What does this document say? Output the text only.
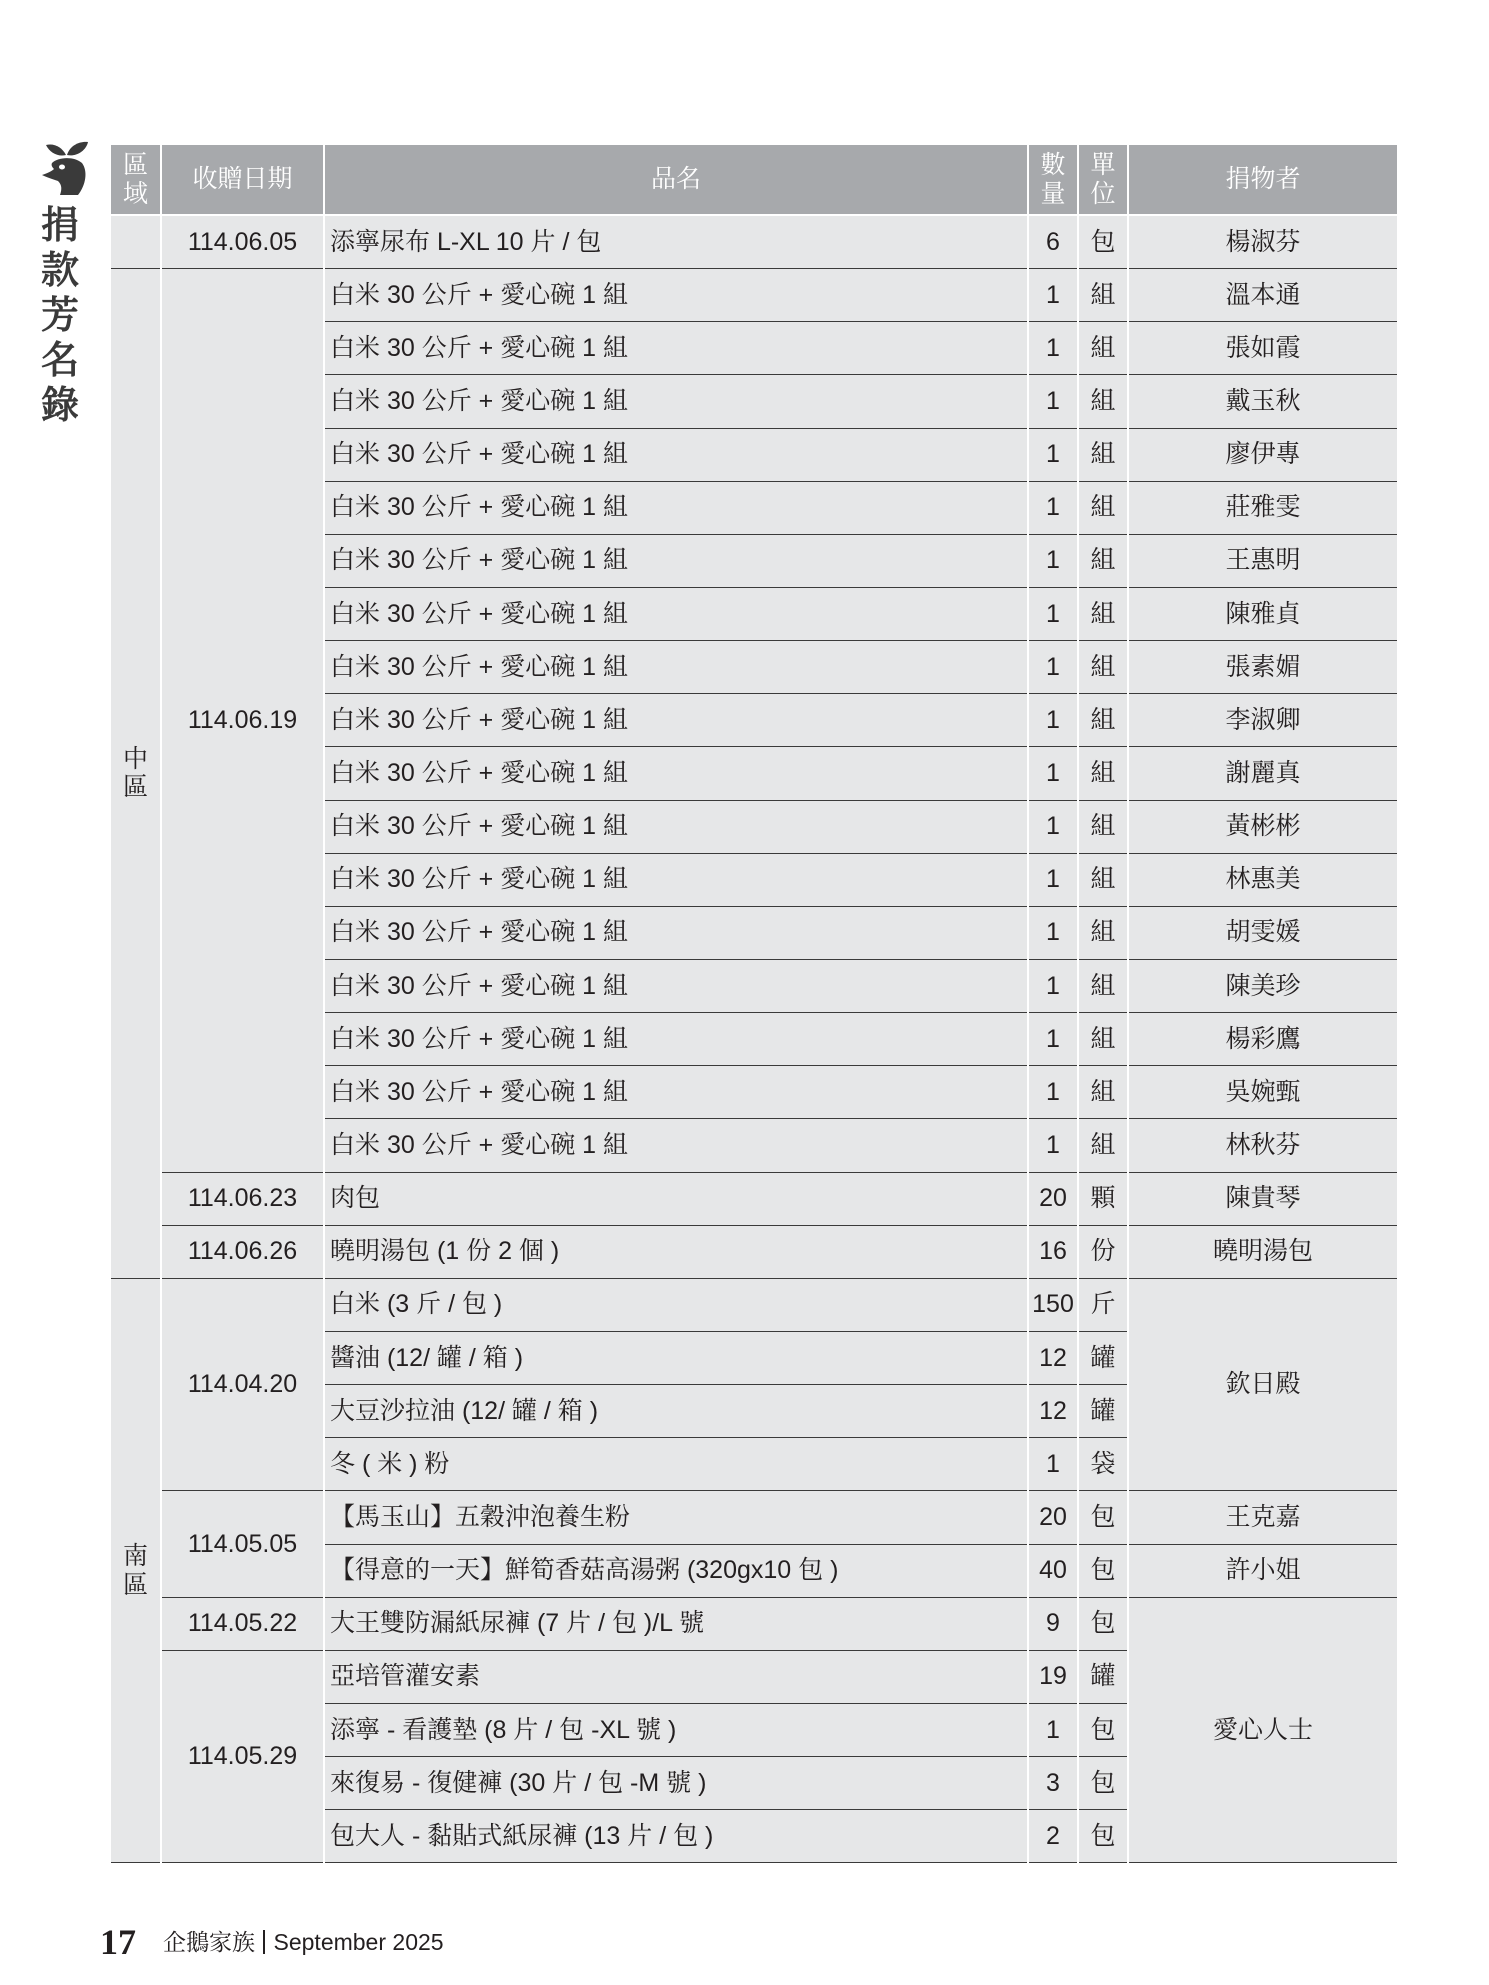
捐款芳名錄
區域	收贈日期	品名	數量	單位	捐物者
	114.06.05	添寧尿布 L-XL 10 片 / 包	6	包	楊淑芬
中區	114.06.19	白米 30 公斤 + 愛心碗 1 組	1	組	溫本通
		白米 30 公斤 + 愛心碗 1 組	1	組	張如霞
		白米 30 公斤 + 愛心碗 1 組	1	組	戴玉秋
		白米 30 公斤 + 愛心碗 1 組	1	組	廖伊專
		白米 30 公斤 + 愛心碗 1 組	1	組	莊雅雯
		白米 30 公斤 + 愛心碗 1 組	1	組	王惠明
		白米 30 公斤 + 愛心碗 1 組	1	組	陳雅貞
		白米 30 公斤 + 愛心碗 1 組	1	組	張素媚
		白米 30 公斤 + 愛心碗 1 組	1	組	李淑卿
		白米 30 公斤 + 愛心碗 1 組	1	組	謝麗真
		白米 30 公斤 + 愛心碗 1 組	1	組	黃彬彬
		白米 30 公斤 + 愛心碗 1 組	1	組	林惠美
		白米 30 公斤 + 愛心碗 1 組	1	組	胡雯媛
		白米 30 公斤 + 愛心碗 1 組	1	組	陳美珍
		白米 30 公斤 + 愛心碗 1 組	1	組	楊彩鷹
		白米 30 公斤 + 愛心碗 1 組	1	組	吳婉甄
		白米 30 公斤 + 愛心碗 1 組	1	組	林秋芬
	114.06.23	肉包	20	顆	陳貴琴
	114.06.26	曉明湯包 (1 份 2 個 )	16	份	曉明湯包
南區	114.04.20	白米 (3 斤 / 包 )	150	斤	欽日殿
		醬油 (12/ 罐 / 箱 )	12	罐	
		大豆沙拉油 (12/ 罐 / 箱 )	12	罐	
		冬 ( 米 ) 粉	1	袋	
	114.05.05	【馬玉山】五穀沖泡養生粉	20	包	王克嘉
		【得意的一天】鮮筍香菇高湯粥 (320gx10 包 )	40	包	許小姐
	114.05.22	大王雙防漏紙尿褲 (7 片 / 包 )/L 號	9	包	愛心人士
	114.05.29	亞培管灌安素	19	罐	
		添寧 - 看護墊 (8 片 / 包 -XL 號 )	1	包	
		來復易 - 復健褲 (30 片 / 包 -M 號 )	3	包	
		包大人 - 黏貼式紙尿褲 (13 片 / 包 )	2	包	
17 企鵝家族 September 2025
